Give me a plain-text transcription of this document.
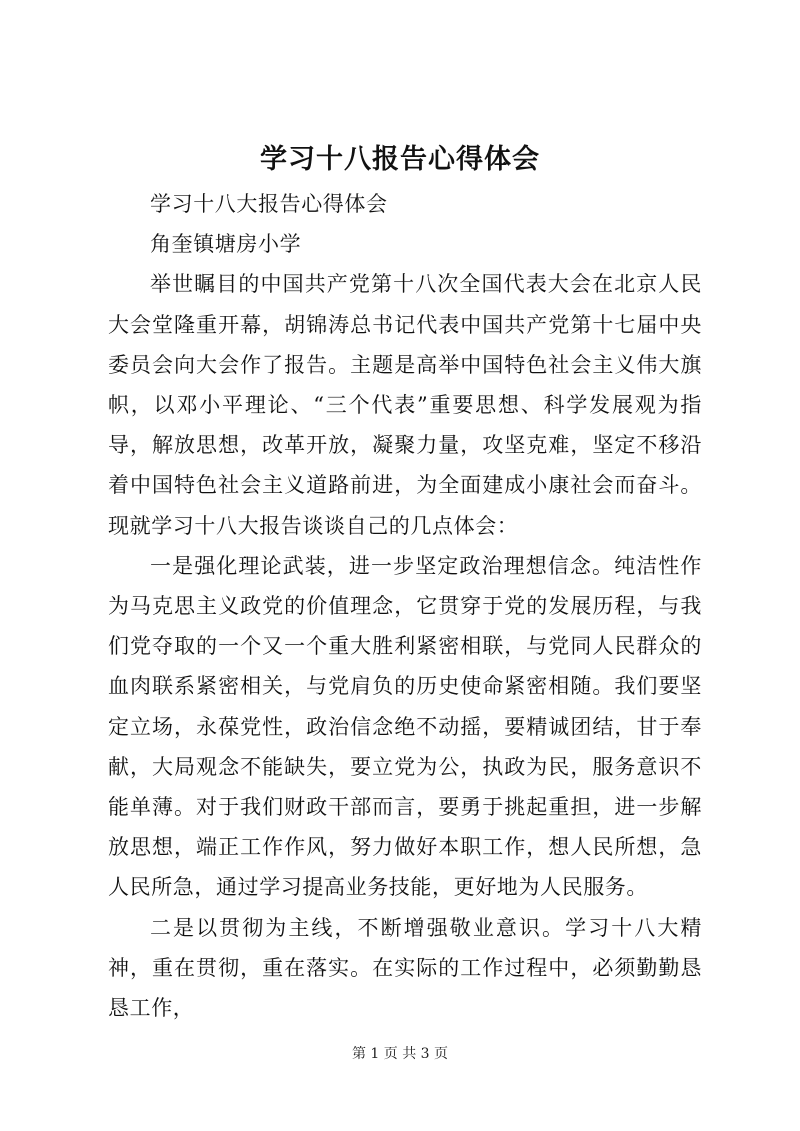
学习十八报告心得体会

学习十八大报告心得体会

角奎镇塘房小学

举世瞩目的中国共产党第十八次全国代表大会在北京人民大会堂隆重开幕，胡锦涛总书记代表中国共产党第十七届中央委员会向大会作了报告。主题是高举中国特色社会主义伟大旗帜，以邓小平理论、“三个代表”重要思想、科学发展观为指导，解放思想，改革开放，凝聚力量，攻坚克难，坚定不移沿着中国特色社会主义道路前进，为全面建成小康社会而奋斗。现就学习十八大报告谈谈自己的几点体会：

一是强化理论武装，进一步坚定政治理想信念。纯洁性作为马克思主义政党的价值理念，它贯穿于党的发展历程，与我们党夺取的一个又一个重大胜利紧密相联，与党同人民群众的血肉联系紧密相关，与党肩负的历史使命紧密相随。我们要坚定立场，永葆党性，政治信念绝不动摇，要精诚团结，甘于奉献，大局观念不能缺失，要立党为公，执政为民，服务意识不能单薄。对于我们财政干部而言，要勇于挑起重担，进一步解放思想，端正工作作风，努力做好本职工作，想人民所想，急人民所急，通过学习提高业务技能，更好地为人民服务。

二是以贯彻为主线，不断增强敬业意识。学习十八大精神，重在贯彻，重在落实。在实际的工作过程中，必须勤勤恳恳工作，

第 1 页 共 3 页
